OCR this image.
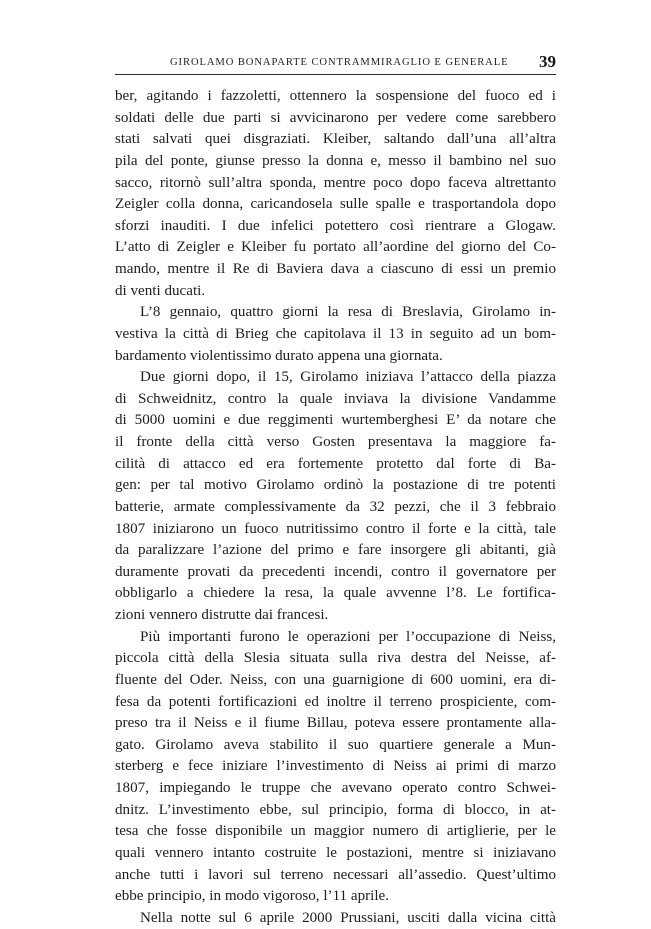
GIROLAMO BONAPARTE CONTRAMMIRAGLIO E GENERALE 39
ber, agitando i fazzoletti, ottennero la sospensione del fuoco ed i
soldati delle due parti si avvicinarono per vedere come sarebbero
stati salvati quei disgraziati. Kleiber, saltando dall’una all’altra
pila del ponte, giunse presso la donna e, messo il bambino nel suo
sacco, ritornò sull’altra sponda, mentre poco dopo faceva altrettanto
Zeigler colla donna, caricandosela sulle spalle e trasportandola dopo
sforzi inauditi. I due infelici potettero così rientrare a Glogaw.
L’atto di Zeigler e Kleiber fu portato all’aordine del giorno del Co-
mando, mentre il Re di Baviera dava a ciascuno di essi un premio
di venti ducati.
L’8 gennaio, quattro giorni la resa di Breslavia, Girolamo in-
vestiva la città di Brieg che capitolava il 13 in seguito ad un bom-
bardamento violentissimo durato appena una giornata.
Due giorni dopo, il 15, Girolamo iniziava l’attacco della piazza
di Schweidnitz, contro la quale inviava la divisione Vandamme
di 5000 uomini e due reggimenti wurtemberghesi E’ da notare che
il fronte della città verso Gosten presentava la maggiore fa-
cilità di attacco ed era fortemente protetto dal forte di Ba-
gen: per tal motivo Girolamo ordinò la postazione di tre potenti
batterie, armate complessivamente da 32 pezzi, che il 3 febbraio
1807 iniziarono un fuoco nutritissimo contro il forte e la città, tale
da paralizzare l’azione del primo e fare insorgere gli abitanti, già
duramente provati da precedenti incendi, contro il governatore per
obbligarlo a chiedere la resa, la quale avvenne l’8. Le fortifica-
zioni vennero distrutte dai francesi.
Più importanti furono le operazioni per l’occupazione di Neiss,
piccola città della Slesia situata sulla riva destra del Neisse, af-
fluente del Oder. Neiss, con una guarnigione di 600 uomini, era di-
fesa da potenti fortificazioni ed inoltre il terreno prospiciente, com-
preso tra il Neiss e il fiume Billau, poteva essere prontamente alla-
gato. Girolamo aveva stabilito il suo quartiere generale a Mun-
sterberg e fece iniziare l’investimento di Neiss ai primi di marzo
1807, impiegando le truppe che avevano operato contro Schwei-
dnitz. L’investimento ebbe, sul principio, forma di blocco, in at-
tesa che fosse disponibile un maggior numero di artiglierie, per le
quali vennero intanto costruite le postazioni, mentre si iniziavano
anche tutti i lavori sul terreno necessari all’assedio. Quest’ultimo
ebbe principio, in modo vigoroso, l’11 aprile.
Nella notte sul 6 aprile 2000 Prussiani, usciti dalla vicina città
